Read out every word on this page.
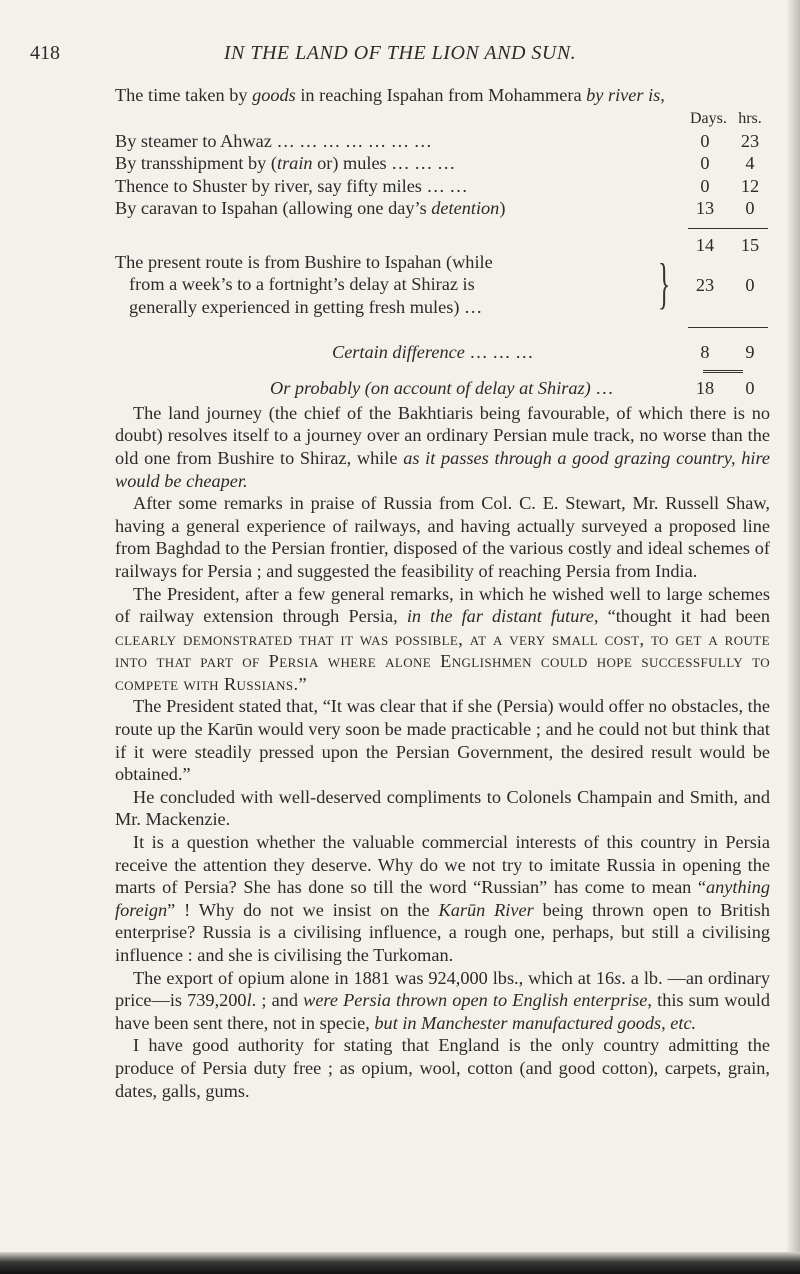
418	IN THE LAND OF THE LION AND SUN.

The time taken by goods in reaching Ispahan from Mohammera by river is,

Days. hrs.
By steamer to Ahwaz … … … … … … …	0	23
By transshipment by (train or) mules … … …	0	4
Thence to Shuster by river, say fifty miles … …	0	12
By caravan to Ispahan (allowing one day’s detention)	13	0
14	15
The present route is from Bushire to Ispahan (while
from a week’s to a fortnight’s delay at Shiraz is
generally experienced in getting fresh mules) …	}	23	0
Certain difference … … …	8	9
Or probably (on account of delay at Shiraz) …	18	0

The land journey (the chief of the Bakhtiaris being favourable, of which there is no doubt) resolves itself to a journey over an ordinary Persian mule track, no worse than the old one from Bushire to Shiraz, while as it passes through a good grazing country, hire would be cheaper.

After some remarks in praise of Russia from Col. C. E. Stewart, Mr. Russell Shaw, having a general experience of railways, and having actually surveyed a proposed line from Baghdad to the Persian frontier, disposed of the various costly and ideal schemes of railways for Persia ; and suggested the feasibility of reaching Persia from India.

The President, after a few general remarks, in which he wished well to large schemes of railway extension through Persia, in the far distant future, “thought it had been clearly demonstrated that it was possible, at a very small cost, to get a route into that part of Persia where alone Englishmen could hope successfully to compete with Russians.”

The President stated that, “It was clear that if she (Persia) would offer no obstacles, the route up the Karūn would very soon be made practicable ; and he could not but think that if it were steadily pressed upon the Persian Government, the desired result would be obtained.”

He concluded with well-deserved compliments to Colonels Champain and Smith, and Mr. Mackenzie.

It is a question whether the valuable commercial interests of this country in Persia receive the attention they deserve. Why do we not try to imitate Russia in opening the marts of Persia? She has done so till the word “Russian” has come to mean “anything foreign” ! Why do not we insist on the Karūn River being thrown open to British enterprise? Russia is a civilising influence, a rough one, perhaps, but still a civilising influence : and she is civilising the Turkoman.

The export of opium alone in 1881 was 924,000 lbs., which at 16s. a lb. —an ordinary price—is 739,200l. ; and were Persia thrown open to English enterprise, this sum would have been sent there, not in specie, but in Manchester manufactured goods, etc.

I have good authority for stating that England is the only country admitting the produce of Persia duty free ; as opium, wool, cotton (and good cotton), carpets, grain, dates, galls, gums.
